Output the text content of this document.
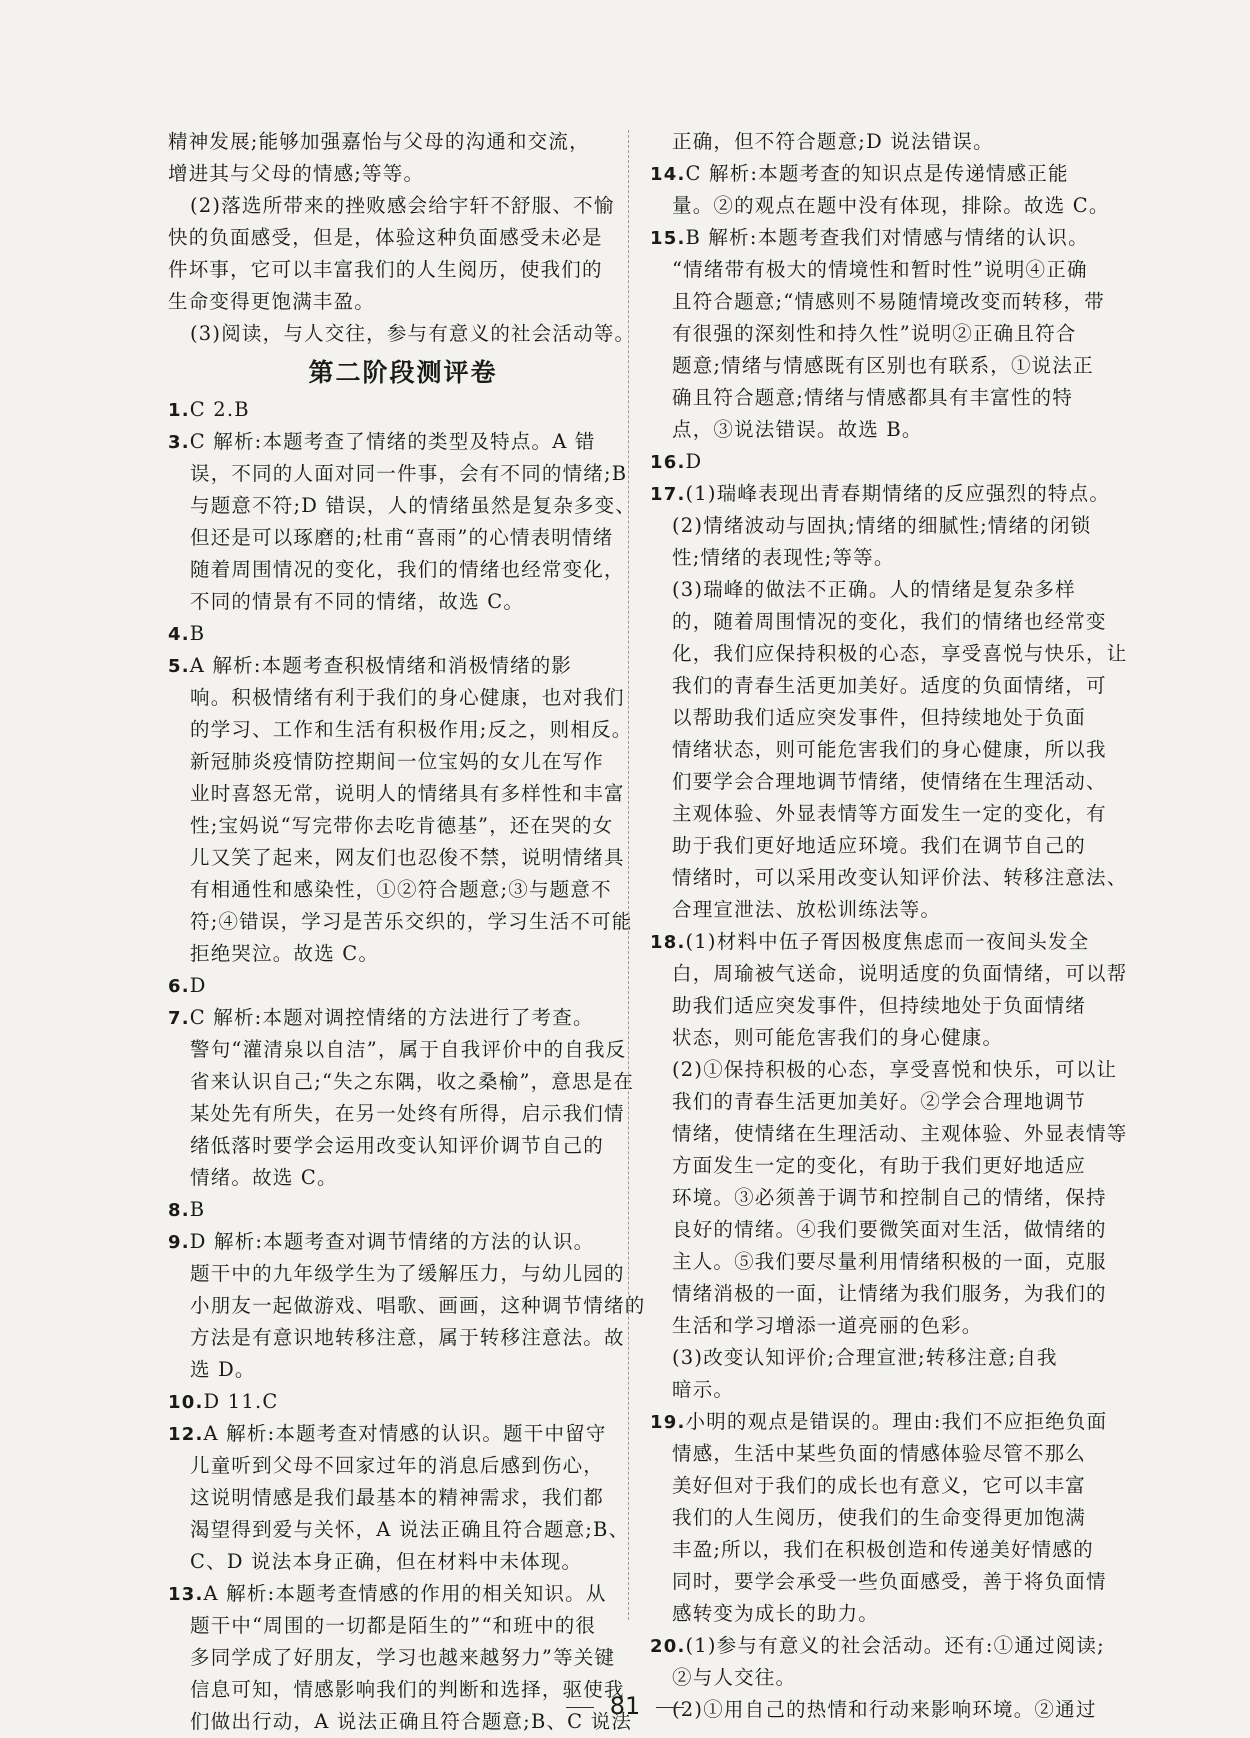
精神发展;能够加强嘉怡与父母的沟通和交流，
增进其与父母的情感;等等。
(2)落选所带来的挫败感会给宇轩不舒服、不愉
快的负面感受，但是，体验这种负面感受未必是
件坏事，它可以丰富我们的人生阅历，使我们的
生命变得更饱满丰盈。
(3)阅读，与人交往，参与有意义的社会活动等。
第二阶段测评卷
1.C 2.B
3.C 解析:本题考查了情绪的类型及特点。A 错
误，不同的人面对同一件事，会有不同的情绪;B
与题意不符;D 错误，人的情绪虽然是复杂多变、
但还是可以琢磨的;杜甫“喜雨”的心情表明情绪
随着周围情况的变化，我们的情绪也经常变化，
不同的情景有不同的情绪，故选 C。
4.B
5.A 解析:本题考查积极情绪和消极情绪的影
响。积极情绪有利于我们的身心健康，也对我们
的学习、工作和生活有积极作用;反之，则相反。
新冠肺炎疫情防控期间一位宝妈的女儿在写作
业时喜怒无常，说明人的情绪具有多样性和丰富
性;宝妈说“写完带你去吃肯德基”，还在哭的女
儿又笑了起来，网友们也忍俊不禁，说明情绪具
有相通性和感染性，①②符合题意;③与题意不
符;④错误，学习是苦乐交织的，学习生活不可能
拒绝哭泣。故选 C。
6.D
7.C 解析:本题对调控情绪的方法进行了考查。
警句“灌清泉以自洁”，属于自我评价中的自我反
省来认识自己;“失之东隅，收之桑榆”，意思是在
某处先有所失，在另一处终有所得，启示我们情
绪低落时要学会运用改变认知评价调节自己的
情绪。故选 C。
8.B
9.D 解析:本题考查对调节情绪的方法的认识。
题干中的九年级学生为了缓解压力，与幼儿园的
小朋友一起做游戏、唱歌、画画，这种调节情绪的
方法是有意识地转移注意，属于转移注意法。故
选 D。
10.D 11.C
12.A 解析:本题考查对情感的认识。题干中留守
儿童听到父母不回家过年的消息后感到伤心，
这说明情感是我们最基本的精神需求，我们都
渴望得到爱与关怀，A 说法正确且符合题意;B、
C、D 说法本身正确，但在材料中未体现。
13.A 解析:本题考查情感的作用的相关知识。从
题干中“周围的一切都是陌生的”“和班中的很
多同学成了好朋友，学习也越来越努力”等关键
信息可知，情感影响我们的判断和选择，驱使我
们做出行动，A 说法正确且符合题意;B、C 说法
正确，但不符合题意;D 说法错误。
14.C 解析:本题考查的知识点是传递情感正能
量。②的观点在题中没有体现，排除。故选 C。
15.B 解析:本题考查我们对情感与情绪的认识。
“情绪带有极大的情境性和暂时性”说明④正确
且符合题意;“情感则不易随情境改变而转移，带
有很强的深刻性和持久性”说明②正确且符合
题意;情绪与情感既有区别也有联系，①说法正
确且符合题意;情绪与情感都具有丰富性的特
点，③说法错误。故选 B。
16.D
17.(1)瑞峰表现出青春期情绪的反应强烈的特点。
(2)情绪波动与固执;情绪的细腻性;情绪的闭锁
性;情绪的表现性;等等。
(3)瑞峰的做法不正确。人的情绪是复杂多样
的，随着周围情况的变化，我们的情绪也经常变
化，我们应保持积极的心态，享受喜悦与快乐，让
我们的青春生活更加美好。适度的负面情绪，可
以帮助我们适应突发事件，但持续地处于负面
情绪状态，则可能危害我们的身心健康，所以我
们要学会合理地调节情绪，使情绪在生理活动、
主观体验、外显表情等方面发生一定的变化，有
助于我们更好地适应环境。我们在调节自己的
情绪时，可以采用改变认知评价法、转移注意法、
合理宣泄法、放松训练法等。
18.(1)材料中伍子胥因极度焦虑而一夜间头发全
白，周瑜被气送命，说明适度的负面情绪，可以帮
助我们适应突发事件，但持续地处于负面情绪
状态，则可能危害我们的身心健康。
(2)①保持积极的心态，享受喜悦和快乐，可以让
我们的青春生活更加美好。②学会合理地调节
情绪，使情绪在生理活动、主观体验、外显表情等
方面发生一定的变化，有助于我们更好地适应
环境。③必须善于调节和控制自己的情绪，保持
良好的情绪。④我们要微笑面对生活，做情绪的
主人。⑤我们要尽量利用情绪积极的一面，克服
情绪消极的一面，让情绪为我们服务，为我们的
生活和学习增添一道亮丽的色彩。
(3)改变认知评价;合理宣泄;转移注意;自我
暗示。
19.小明的观点是错误的。理由:我们不应拒绝负面
情感，生活中某些负面的情感体验尽管不那么
美好但对于我们的成长也有意义，它可以丰富
我们的人生阅历，使我们的生命变得更加饱满
丰盈;所以，我们在积极创造和传递美好情感的
同时，要学会承受一些负面感受，善于将负面情
感转变为成长的助力。
20.(1)参与有意义的社会活动。还有:①通过阅读;
②与人交往。
(2)①用自己的热情和行动来影响环境。②通过
81
